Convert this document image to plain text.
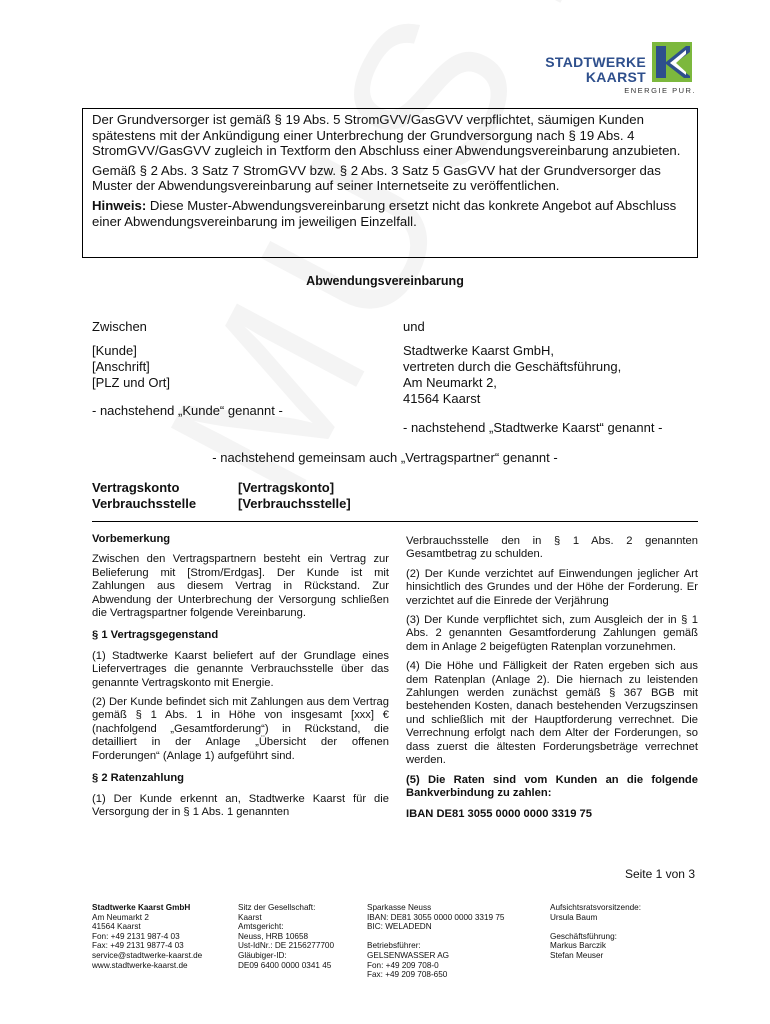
STADTWERKE
KAARST
ENERGIE PUR.

Der Grundversorger ist gemäß § 19 Abs. 5 StromGVV/GasGVV verpflichtet, säumigen Kunden spätestens mit der Ankündigung einer Unterbrechung der Grundversorgung nach § 19 Abs. 4 StromGVV/GasGVV zugleich in Textform den Abschluss einer Abwendungsvereinbarung anzubieten.

Gemäß § 2 Abs. 3 Satz 7 StromGVV bzw. § 2 Abs. 3 Satz 5 GasGVV hat der Grundversorger das Muster der Abwendungsvereinbarung auf seiner Internetseite zu veröffentlichen.

Hinweis: Diese Muster-Abwendungsvereinbarung ersetzt nicht das konkrete Angebot auf Abschluss einer Abwendungsvereinbarung im jeweiligen Einzelfall.

Abwendungsvereinbarung
Zwischen
[Kunde]
[Anschrift]
[PLZ und Ort]
- nachstehend „Kunde“ genannt -
und
Stadtwerke Kaarst GmbH,
vertreten durch die Geschäftsführung,
Am Neumarkt 2,
41564 Kaarst
- nachstehend „Stadtwerke Kaarst“ genannt -
- nachstehend gemeinsam auch „Vertragspartner“ genannt -
Vertragskonto	[Vertragskonto]
Verbrauchsstelle	[Verbrauchsstelle]
Vorbemerkung

Zwischen den Vertragspartnern besteht ein Vertrag zur Belieferung mit [Strom/Erdgas]. Der Kunde ist mit Zahlungen aus diesem Vertrag in Rückstand. Zur Abwendung der Unterbrechung der Versorgung schließen die Vertragspartner folgende Vereinbarung.

§ 1 Vertragsgegenstand

(1) Stadtwerke Kaarst beliefert auf der Grundlage eines Liefervertrages die genannte Verbrauchsstelle über das genannte Vertragskonto mit Energie.

(2) Der Kunde befindet sich mit Zahlungen aus dem Vertrag gemäß § 1 Abs. 1 in Höhe von insgesamt [xxx] € (nachfolgend „Gesamtforderung“) in Rückstand, die detailliert in der Anlage „Übersicht der offenen Forderungen“ (Anlage 1) aufgeführt sind.

§ 2 Ratenzahlung

(1) Der Kunde erkennt an, Stadtwerke Kaarst für die Versorgung der in § 1 Abs. 1 genannten

Verbrauchsstelle den in § 1 Abs. 2 genannten Gesamtbetrag zu schulden.

(2) Der Kunde verzichtet auf Einwendungen jeglicher Art hinsichtlich des Grundes und der Höhe der Forderung. Er verzichtet auf die Einrede der Verjährung

(3) Der Kunde verpflichtet sich, zum Ausgleich der in § 1 Abs. 2 genannten Gesamtforderung Zahlungen gemäß dem in Anlage 2 beigefügten Ratenplan vorzunehmen.

(4) Die Höhe und Fälligkeit der Raten ergeben sich aus dem Ratenplan (Anlage 2). Die hiernach zu leistenden Zahlungen werden zunächst gemäß § 367 BGB mit bestehenden Kosten, danach bestehenden Verzugszinsen und schließlich mit der Hauptforderung verrechnet. Die Verrechnung erfolgt nach dem Alter der Forderungen, so dass zuerst die ältesten Forderungsbeträge verrechnet werden.

(5) Die Raten sind vom Kunden an die folgende Bankverbindung zu zahlen:

IBAN DE81 3055 0000 0000 3319 75

Seite 1 von 3
Stadtwerke Kaarst GmbH
Am Neumarkt 2
41564 Kaarst
Fon: +49 2131 987-4 03
Fax: +49 2131 9877-4 03
service@stadtwerke-kaarst.de
www.stadtwerke-kaarst.de
Sitz der Gesellschaft:
Kaarst
Amtsgericht:
Neuss, HRB 10658
Ust-IdNr.: DE 2156277700
Gläubiger-ID:
DE09 6400 0000 0341 45
Sparkasse Neuss
IBAN: DE81 3055 0000 0000 3319 75
BIC: WELADEDN
Betriebsführer:
GELSENWASSER AG
Fon: +49 209 708-0
Fax: +49 209 708-650
Aufsichtsratsvorsitzende:
Ursula Baum
Geschäftsführung:
Markus Barczik
Stefan Meuser
